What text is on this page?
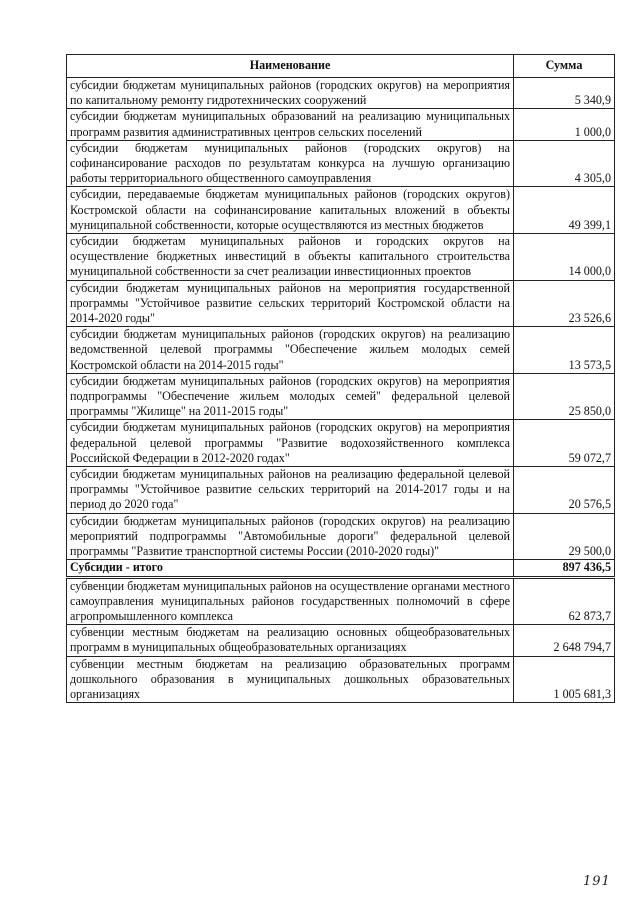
Наименование	Сумма
субсидии бюджетам муниципальных районов (городских округов) на мероприятия по капитальному ремонту гидротехнических сооружений	5 340,9
субсидии бюджетам муниципальных образований на реализацию муниципальных программ развития административных центров сельских поселений	1 000,0
субсидии бюджетам муниципальных районов (городских округов) на софинансирование расходов по результатам конкурса на лучшую организацию работы территориального общественного самоуправления	4 305,0
субсидии, передаваемые бюджетам муниципальных районов (городских округов) Костромской области на софинансирование капитальных вложений в объекты муниципальной собственности, которые осуществляются из местных бюджетов	49 399,1
субсидии бюджетам муниципальных районов и городских округов на осуществление бюджетных инвестиций в объекты капитального строительства муниципальной собственности за счет реализации инвестиционных проектов	14 000,0
субсидии бюджетам муниципальных районов на мероприятия государственной программы "Устойчивое развитие сельских территорий Костромской области на 2014-2020 годы"	23 526,6
субсидии бюджетам муниципальных районов (городских округов) на реализацию ведомственной целевой программы "Обеспечение жильем молодых семей Костромской области на 2014-2015 годы"	13 573,5
субсидии бюджетам муниципальных районов (городских округов) на мероприятия подпрограммы "Обеспечение жильем молодых семей" федеральной целевой программы "Жилище" на 2011-2015 годы"	25 850,0
субсидии бюджетам муниципальных районов (городских округов) на мероприятия федеральной целевой программы "Развитие водохозяйственного комплекса Российской Федерации в 2012-2020 годах"	59 072,7
субсидии бюджетам муниципальных районов на реализацию федеральной целевой программы "Устойчивое развитие сельских территорий на 2014-2017 годы и на период до 2020 года"	20 576,5
субсидии бюджетам муниципальных районов (городских округов) на реализацию мероприятий подпрограммы "Автомобильные дороги" федеральной целевой программы "Развитие транспортной системы России (2010-2020 годы)"	29 500,0
Субсидии - итого	897 436,5
субвенции бюджетам муниципальных районов на осуществление органами местного самоуправления муниципальных районов государственных полномочий в сфере агропромышленного комплекса	62 873,7
субвенции местным бюджетам на реализацию основных общеобразовательных программ в муниципальных общеобразовательных организациях	2 648 794,7
субвенции местным бюджетам на реализацию образовательных программ дошкольного образования в муниципальных дошкольных образовательных организациях	1 005 681,3
191
